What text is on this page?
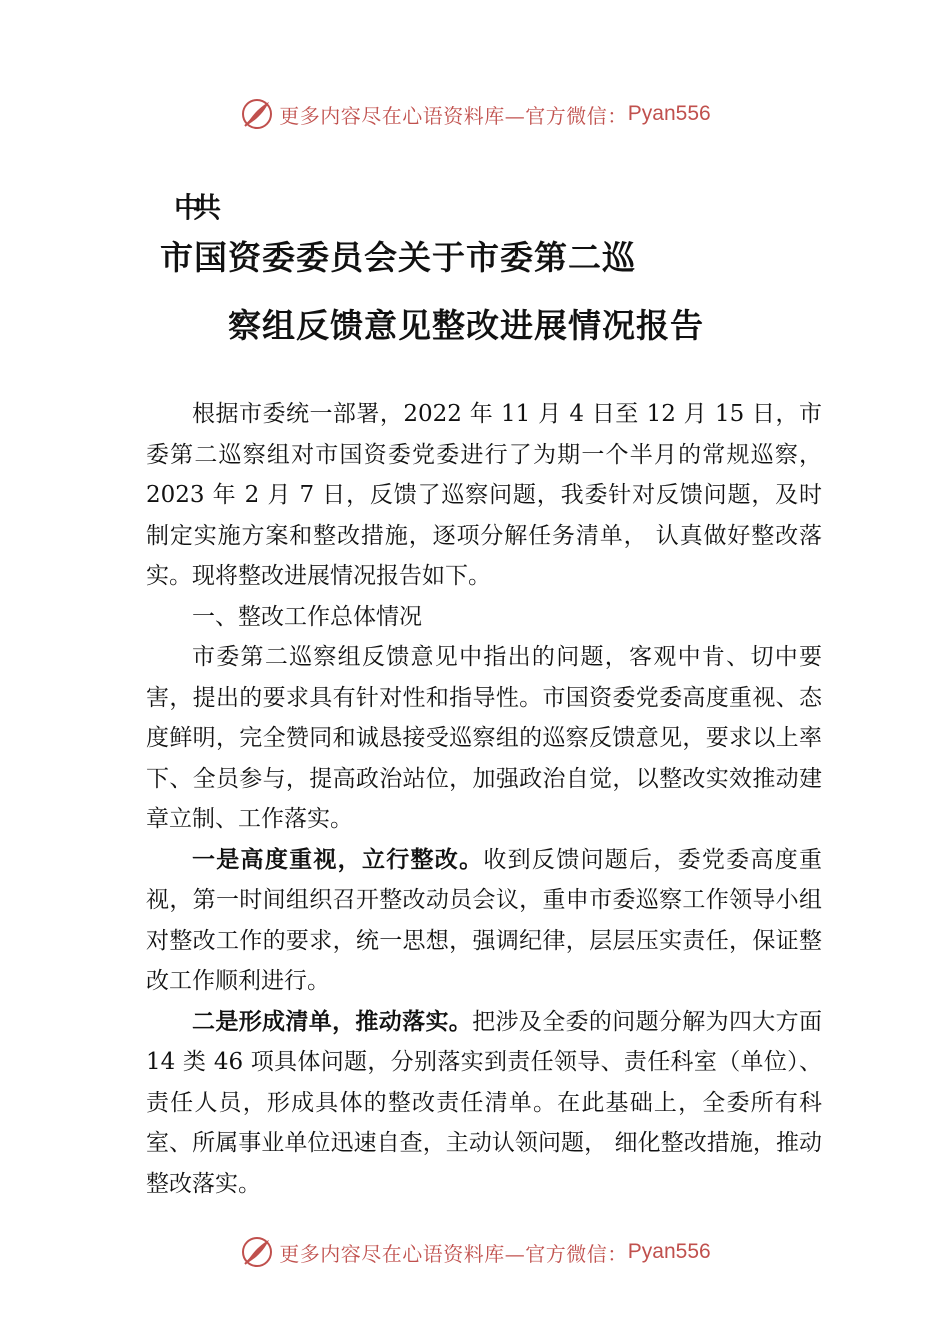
更多内容尽在心语资料库—官方微信： Pyan556
中共
市国资委委员会关于市委第二巡
察组反馈意见整改进展情况报告

根据市委统一部署，2022 年 11 月 4 日至 12 月 15 日，市委第二巡察组对市国资委党委进行了为期一个半月的常规巡察，2023 年 2 月 7 日，反馈了巡察问题，我委针对反馈问题，及时制定实施方案和整改措施，逐项分解任务清单， 认真做好整改落实。现将整改进展情况报告如下。

一、整改工作总体情况

市委第二巡察组反馈意见中指出的问题，客观中肯、切中要害，提出的要求具有针对性和指导性。市国资委党委高度重视、态度鲜明，完全赞同和诚恳接受巡察组的巡察反馈意见，要求以上率下、全员参与，提高政治站位，加强政治自觉，以整改实效推动建章立制、工作落实。

一是高度重视，立行整改。收到反馈问题后，委党委高度重视，第一时间组织召开整改动员会议，重申市委巡察工作领导小组对整改工作的要求，统一思想，强调纪律，层层压实责任，保证整改工作顺利进行。

二是形成清单，推动落实。把涉及全委的问题分解为四大方面 14 类 46 项具体问题，分别落实到责任领导、责任科室（单位）、责任人员，形成具体的整改责任清单。在此基础上，全委所有科室、所属事业单位迅速自查，主动认领问题， 细化整改措施，推动整改落实。

更多内容尽在心语资料库—官方微信： Pyan556
